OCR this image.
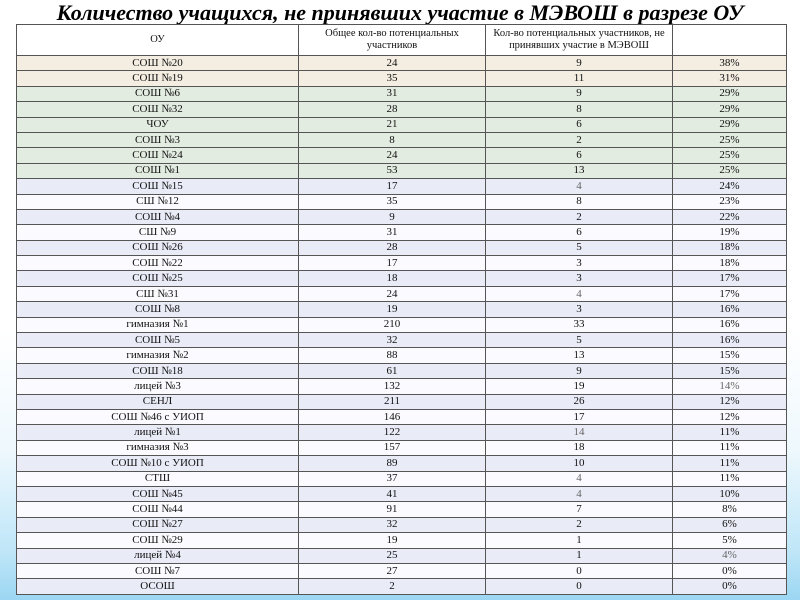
Количество учащихся, не принявших участие в МЭВОШ в разрезе ОУ
ОУ	Общее кол-во потенциальных участников	Кол-во потенциальных участников, не принявших участие в МЭВОШ	
СОШ №20	24	9	38%
СОШ №19	35	11	31%
СОШ №6	31	9	29%
СОШ №32	28	8	29%
ЧОУ	21	6	29%
СОШ №3	8	2	25%
СОШ №24	24	6	25%
СОШ №1	53	13	25%
СОШ №15	17	4	24%
СШ №12	35	8	23%
СОШ №4	9	2	22%
СШ №9	31	6	19%
СОШ №26	28	5	18%
СОШ №22	17	3	18%
СОШ №25	18	3	17%
СШ №31	24	4	17%
СОШ №8	19	3	16%
гимназия №1	210	33	16%
СОШ №5	32	5	16%
гимназия №2	88	13	15%
СОШ №18	61	9	15%
лицей №3	132	19	14%
СЕНЛ	211	26	12%
СОШ №46 с УИОП	146	17	12%
лицей №1	122	14	11%
гимназия №3	157	18	11%
СОШ №10 с УИОП	89	10	11%
СТШ	37	4	11%
СОШ №45	41	4	10%
СОШ №44	91	7	8%
СОШ №27	32	2	6%
СОШ №29	19	1	5%
лицей №4	25	1	4%
СОШ №7	27	0	0%
ОСОШ	2	0	0%
